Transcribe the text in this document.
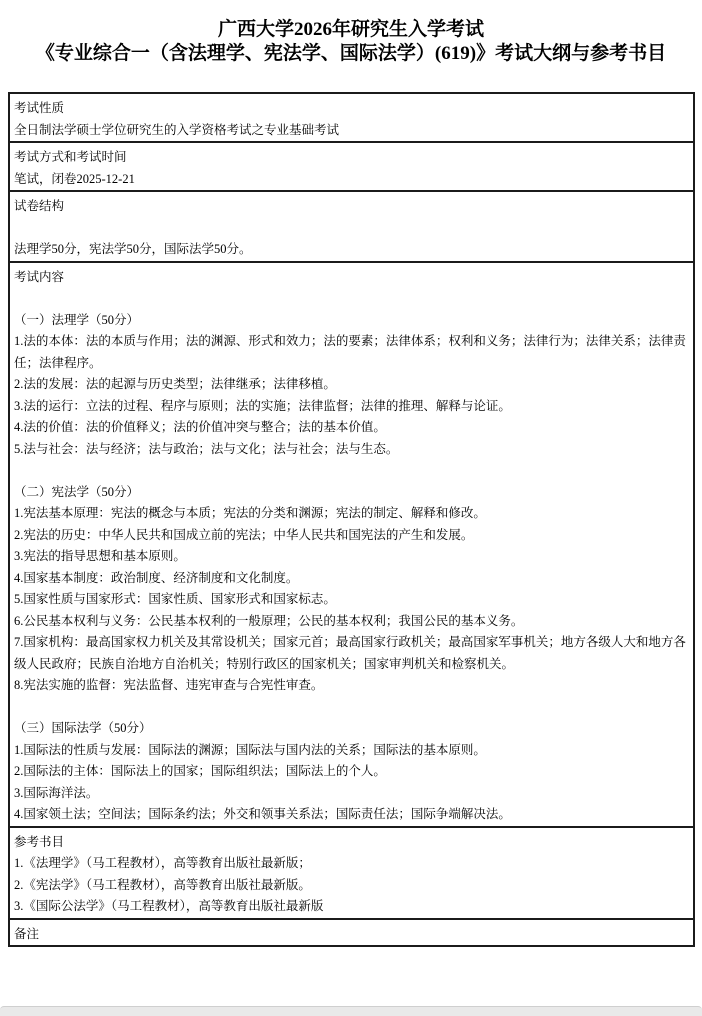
广西大学2026年研究生入学考试
《专业综合一（含法理学、宪法学、国际法学）(619)》考试大纲与参考书目
考试性质
全日制法学硕士学位研究生的入学资格考试之专业基础考试
考试方式和考试时间
笔试，闭卷2025-12-21
试卷结构
法理学50分，宪法学50分，国际法学50分。
考试内容
（一）法理学（50分）
1.法的本体：法的本质与作用；法的渊源、形式和效力；法的要素；法律体系；权利和义务；法律行为；法律关系；法律责任；法律程序。
2.法的发展：法的起源与历史类型；法律继承；法律移植。
3.法的运行：立法的过程、程序与原则；法的实施；法律监督；法律的推理、解释与论证。
4.法的价值：法的价值释义；法的价值冲突与整合；法的基本价值。
5.法与社会：法与经济；法与政治；法与文化；法与社会；法与生态。
（二）宪法学（50分）
1.宪法基本原理：宪法的概念与本质；宪法的分类和渊源；宪法的制定、解释和修改。
2.宪法的历史：中华人民共和国成立前的宪法；中华人民共和国宪法的产生和发展。
3.宪法的指导思想和基本原则。
4.国家基本制度：政治制度、经济制度和文化制度。
5.国家性质与国家形式：国家性质、国家形式和国家标志。
6.公民基本权利与义务：公民基本权利的一般原理；公民的基本权利；我国公民的基本义务。
7.国家机构：最高国家权力机关及其常设机关；国家元首；最高国家行政机关；最高国家军事机关；地方各级人大和地方各级人民政府；民族自治地方自治机关；特别行政区的国家机关；国家审判机关和检察机关。
8.宪法实施的监督：宪法监督、违宪审查与合宪性审查。
（三）国际法学（50分）
1.国际法的性质与发展：国际法的渊源；国际法与国内法的关系；国际法的基本原则。
2.国际法的主体：国际法上的国家；国际组织法；国际法上的个人。
3.国际海洋法。
4.国家领土法；空间法；国际条约法；外交和领事关系法；国际责任法；国际争端解决法。
参考书目
1.《法理学》（马工程教材），高等教育出版社最新版；
2.《宪法学》（马工程教材），高等教育出版社最新版。
3.《国际公法学》（马工程教材），高等教育出版社最新版
备注
